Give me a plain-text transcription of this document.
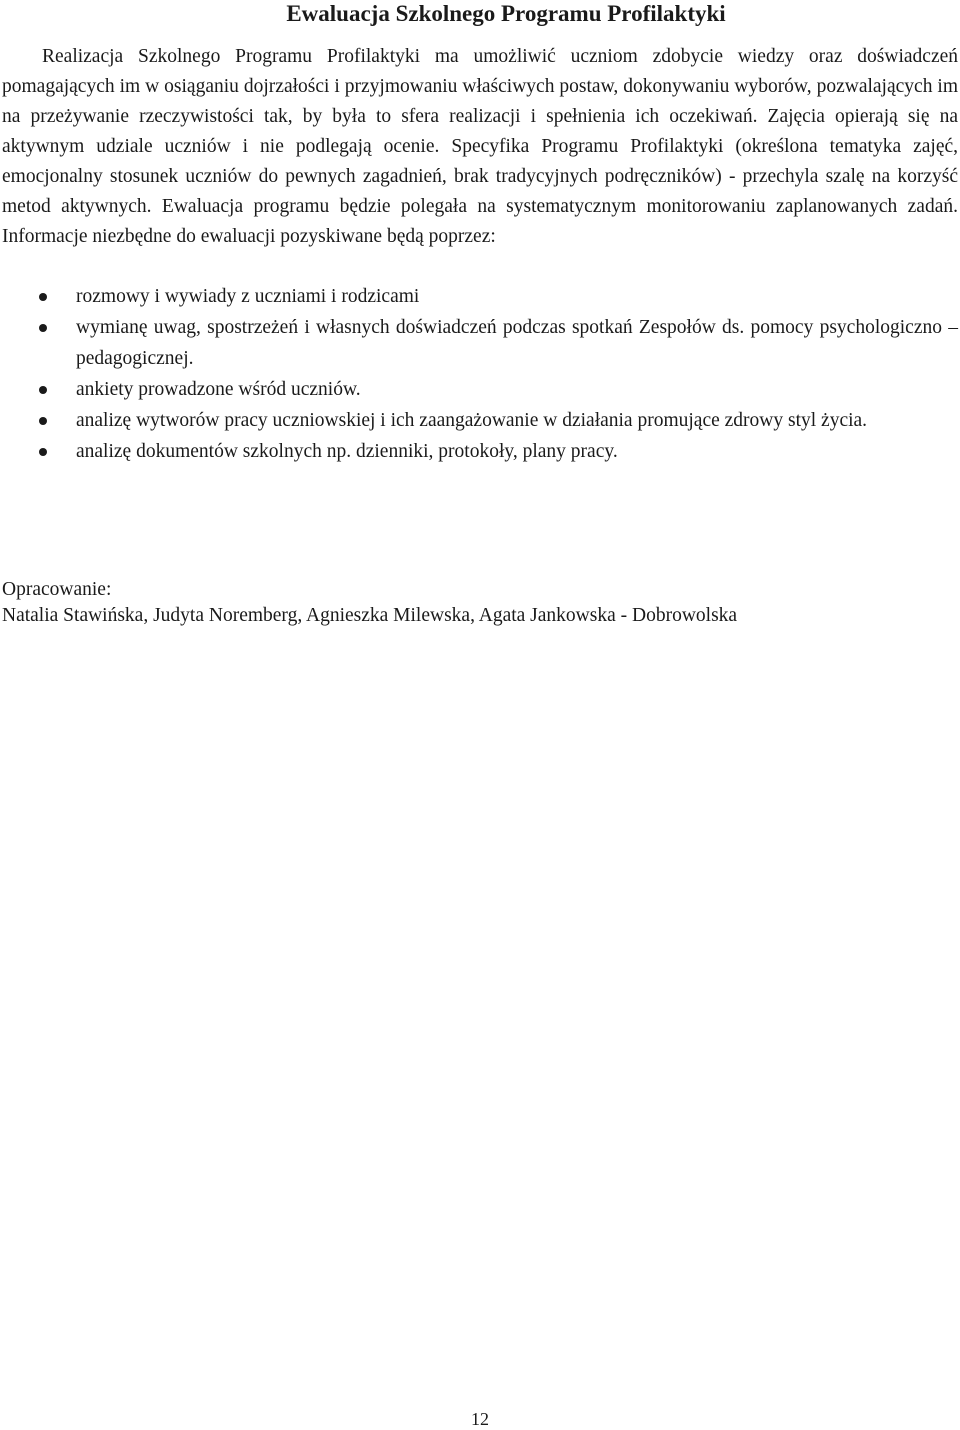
Ewaluacja Szkolnego Programu Profilaktyki

Realizacja Szkolnego Programu Profilaktyki ma umożliwić uczniom zdobycie wiedzy oraz doświadczeń pomagających im w osiąganiu dojrzałości i przyjmowaniu właściwych postaw, dokonywaniu wyborów, pozwalających im na przeżywanie rzeczywistości tak, by była to sfera realizacji i spełnienia ich oczekiwań. Zajęcia opierają się na aktywnym udziale uczniów i nie podlegają ocenie. Specyfika Programu Profilaktyki (określona tematyka zajęć, emocjonalny stosunek uczniów do pewnych zagadnień, brak tradycyjnych podręczników) - przechyla szalę na korzyść metod aktywnych. Ewaluacja programu będzie polegała na systematycznym monitorowaniu zaplanowanych zadań. Informacje niezbędne do ewaluacji pozyskiwane będą poprzez:

rozmowy i wywiady z uczniami i rodzicami
wymianę uwag, spostrzeżeń i własnych doświadczeń podczas spotkań Zespołów ds. pomocy psychologiczno – pedagogicznej.
ankiety prowadzone wśród uczniów.
analizę wytworów pracy uczniowskiej i ich zaangażowanie w działania promujące zdrowy styl życia.
analizę dokumentów szkolnych np. dzienniki, protokoły, plany pracy.
Opracowanie:
Natalia Stawińska, Judyta Noremberg, Agnieszka Milewska, Agata Jankowska - Dobrowolska
12
